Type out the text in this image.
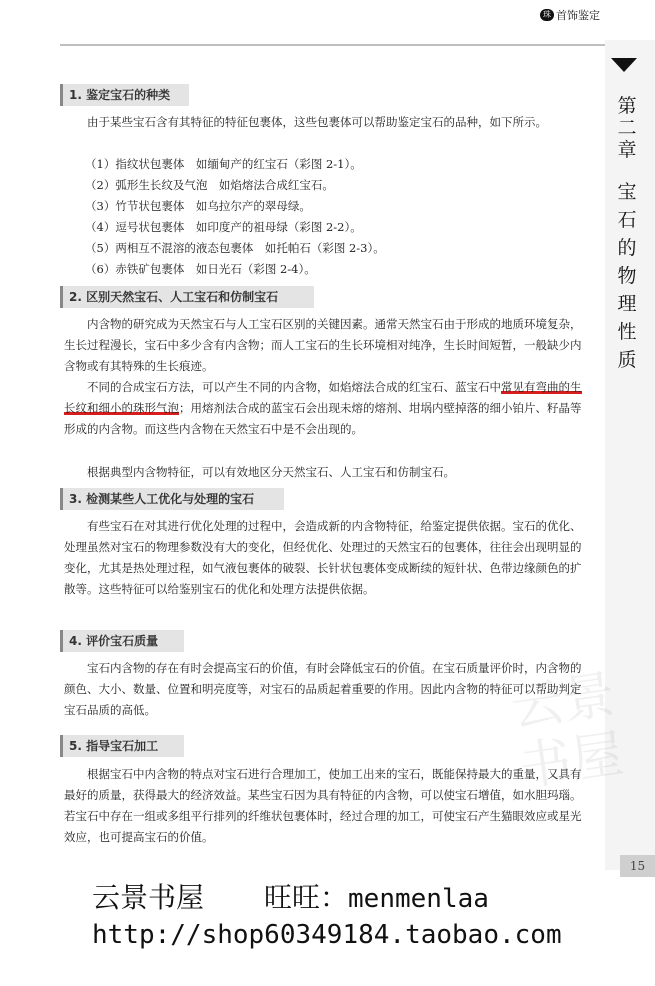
珠宝
首饰鉴定
第二章
宝石的物理性质
云景书屋
1. 鉴定宝石的种类

由于某些宝石含有其特征的特征包裹体，这些包裹体可以帮助鉴定宝石的品种，如下所示。

（1）指纹状包裹体　如缅甸产的红宝石（彩图 2-1）。
（2）弧形生长纹及气泡　如焰熔法合成红宝石。
（3）竹节状包裹体　如乌拉尔产的翠母绿。
（4）逗号状包裹体　如印度产的祖母绿（彩图 2-2）。
（5）两相互不混溶的液态包裹体　如托帕石（彩图 2-3）。
（6）赤铁矿包裹体　如日光石（彩图 2-4）。
2. 区别天然宝石、人工宝石和仿制宝石

内含物的研究成为天然宝石与人工宝石区别的关键因素。通常天然宝石由于形成的地质环境复杂，生长过程漫长，宝石中多少含有内含物；而人工宝石的生长环境相对纯净，生长时间短暂，一般缺少内含物或有其特殊的生长痕迹。

不同的合成宝石方法，可以产生不同的内含物，如焰熔法合成的红宝石、蓝宝石中常见有弯曲的生长纹和细小的珠形气泡；用熔剂法合成的蓝宝石会出现未熔的熔剂、坩埚内壁掉落的细小铂片、籽晶等形成的内含物。而这些内含物在天然宝石中是不会出现的。

根据典型内含物特征，可以有效地区分天然宝石、人工宝石和仿制宝石。

3. 检测某些人工优化与处理的宝石

有些宝石在对其进行优化处理的过程中，会造成新的内含物特征，给鉴定提供依据。宝石的优化、处理虽然对宝石的物理参数没有大的变化，但经优化、处理过的天然宝石的包裹体，往往会出现明显的变化，尤其是热处理过程，如气液包裹体的破裂、长针状包裹体变成断续的短针状、色带边缘颜色的扩散等。这些特征可以给鉴别宝石的优化和处理方法提供依据。

4. 评价宝石质量

宝石内含物的存在有时会提高宝石的价值，有时会降低宝石的价值。在宝石质量评价时，内含物的颜色、大小、数量、位置和明亮度等，对宝石的品质起着重要的作用。因此内含物的特征可以帮助判定宝石品质的高低。

5. 指导宝石加工

根据宝石中内含物的特点对宝石进行合理加工，使加工出来的宝石，既能保持最大的重量，又具有最好的质量，获得最大的经济效益。某些宝石因为具有特征的内含物，可以使宝石增值，如水胆玛瑙。若宝石中存在一组或多组平行排列的纤维状包裹体时，经过合理的加工，可使宝石产生猫眼效应或星光效应，也可提高宝石的价值。

15
云景书屋 旺旺：menmenlaa
http://shop60349184.taobao.com
